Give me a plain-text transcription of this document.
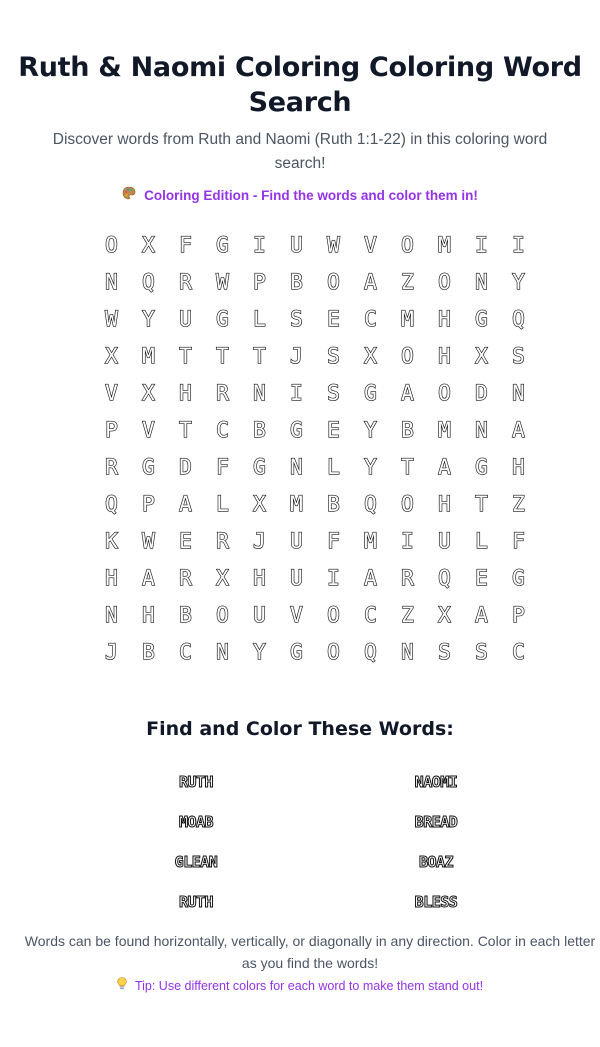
Ruth & Naomi Coloring Coloring Word Search

Discover words from Ruth and Naomi (Ruth 1:1-22) in this coloring word search!

Coloring Edition - Find the words and color them in!
O	X	F	G	I	U	W	V	O	M	I	I
N	Q	R	W	P	B	O	A	Z	O	N	Y
W	Y	U	G	L	S	E	C	M	H	G	Q
X	M	T	T	T	J	S	X	O	H	X	S
V	X	H	R	N	I	S	G	A	O	D	N
P	V	T	C	B	G	E	Y	B	M	N	A
R	G	D	F	G	N	L	Y	T	A	G	H
Q	P	A	L	X	M	B	Q	O	H	T	Z
K	W	E	R	J	U	F	M	I	U	L	F
H	A	R	X	H	U	I	A	R	Q	E	G
N	H	B	O	U	V	O	C	Z	X	A	P
J	B	C	N	Y	G	O	Q	N	S	S	C
Find and Color These Words:
RUTH	NAOMI
MOAB	BREAD
GLEAN	BOAZ
RUTH	BLESS
Words can be found horizontally, vertically, or diagonally in any direction. Color in each letter as you find the words!
Tip: Use different colors for each word to make them stand out!
